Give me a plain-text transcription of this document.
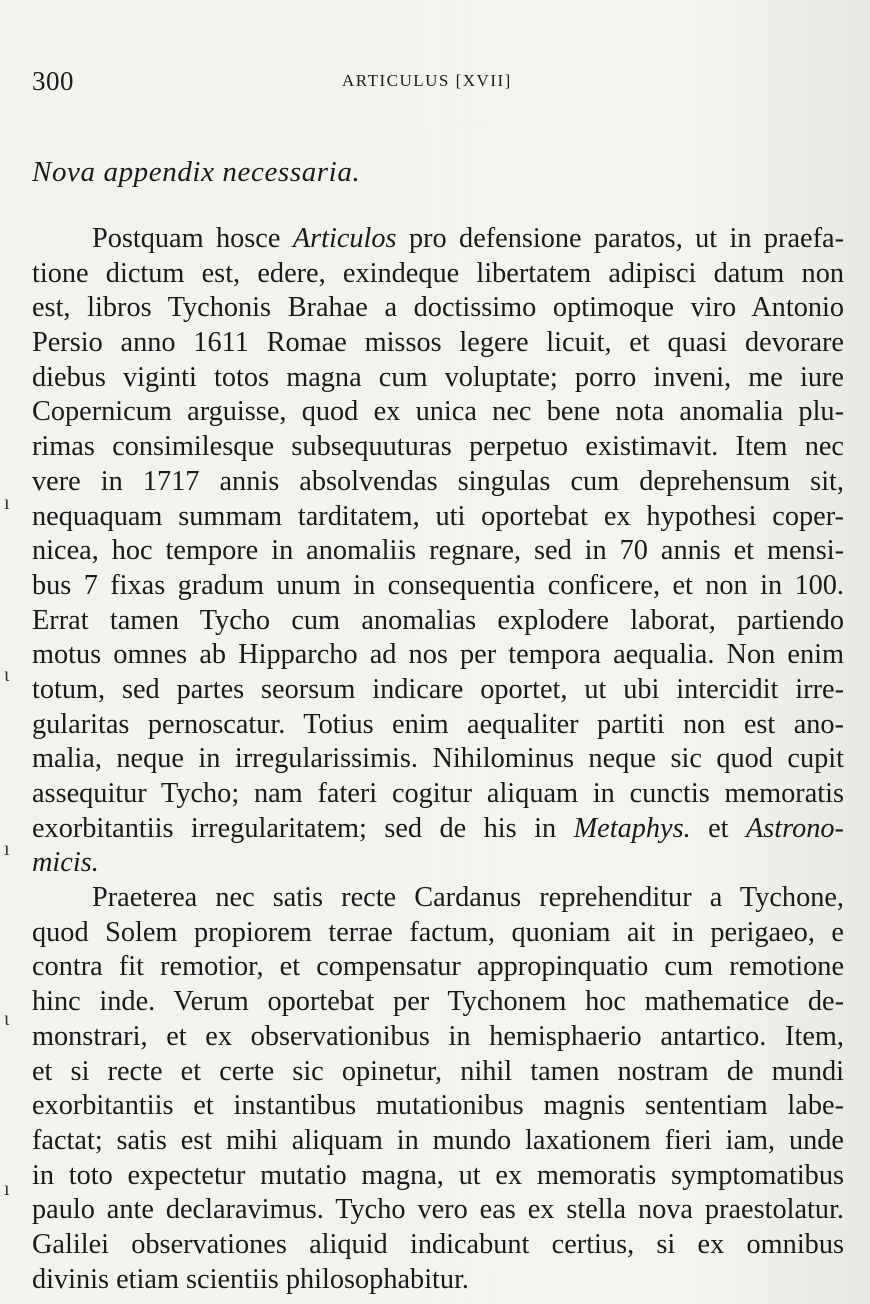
300	ARTICULUS [XVII]
Nova appendix necessaria.
Postquam hosce Articulos pro defensione paratos, ut in praefa-
tione dictum est, edere, exindeque libertatem adipisci datum non
est, libros Tychonis Brahae a doctissimo optimoque viro Antonio
Persio anno 1611 Romae missos legere licuit, et quasi devorare
diebus viginti totos magna cum voluptate; porro inveni, me iure
Copernicum arguisse, quod ex unica nec bene nota anomalia plu-
rimas consimilesque subsequuturas perpetuo existimavit. Item nec
vere in 1717 annis absolvendas singulas cum deprehensum sit,
nequaquam summam tarditatem, uti oportebat ex hypothesi coper-
nicea, hoc tempore in anomaliis regnare, sed in 70 annis et mensi-
bus 7 fixas gradum unum in consequentia conficere, et non in 100.
Errat tamen Tycho cum anomalias explodere laborat, partiendo
motus omnes ab Hipparcho ad nos per tempora aequalia. Non enim
totum, sed partes seorsum indicare oportet, ut ubi intercidit irre-
gularitas pernoscatur. Totius enim aequaliter partiti non est ano-
malia, neque in irregularissimis. Nihilominus neque sic quod cupit
assequitur Tycho; nam fateri cogitur aliquam in cunctis memoratis
exorbitantiis irregularitatem; sed de his in Metaphys. et Astrono-
micis.
Praeterea nec satis recte Cardanus reprehenditur a Tychone,
quod Solem propiorem terrae factum, quoniam ait in perigaeo, e
contra fit remotior, et compensatur appropinquatio cum remotione
hinc inde. Verum oportebat per Tychonem hoc mathematice de-
monstrari, et ex observationibus in hemisphaerio antartico. Item,
et si recte et certe sic opinetur, nihil tamen nostram de mundi
exorbitantiis et instantibus mutationibus magnis sententiam labe-
factat; satis est mihi aliquam in mundo laxationem fieri iam, unde
in toto expectetur mutatio magna, ut ex memoratis symptomatibus
paulo ante declaravimus. Tycho vero eas ex stella nova praestolatur.
Galilei observationes aliquid indicabunt certius, si ex omnibus
divinis etiam scientiis philosophabitur.
ı
ɩ
ı
ɩ
ı
